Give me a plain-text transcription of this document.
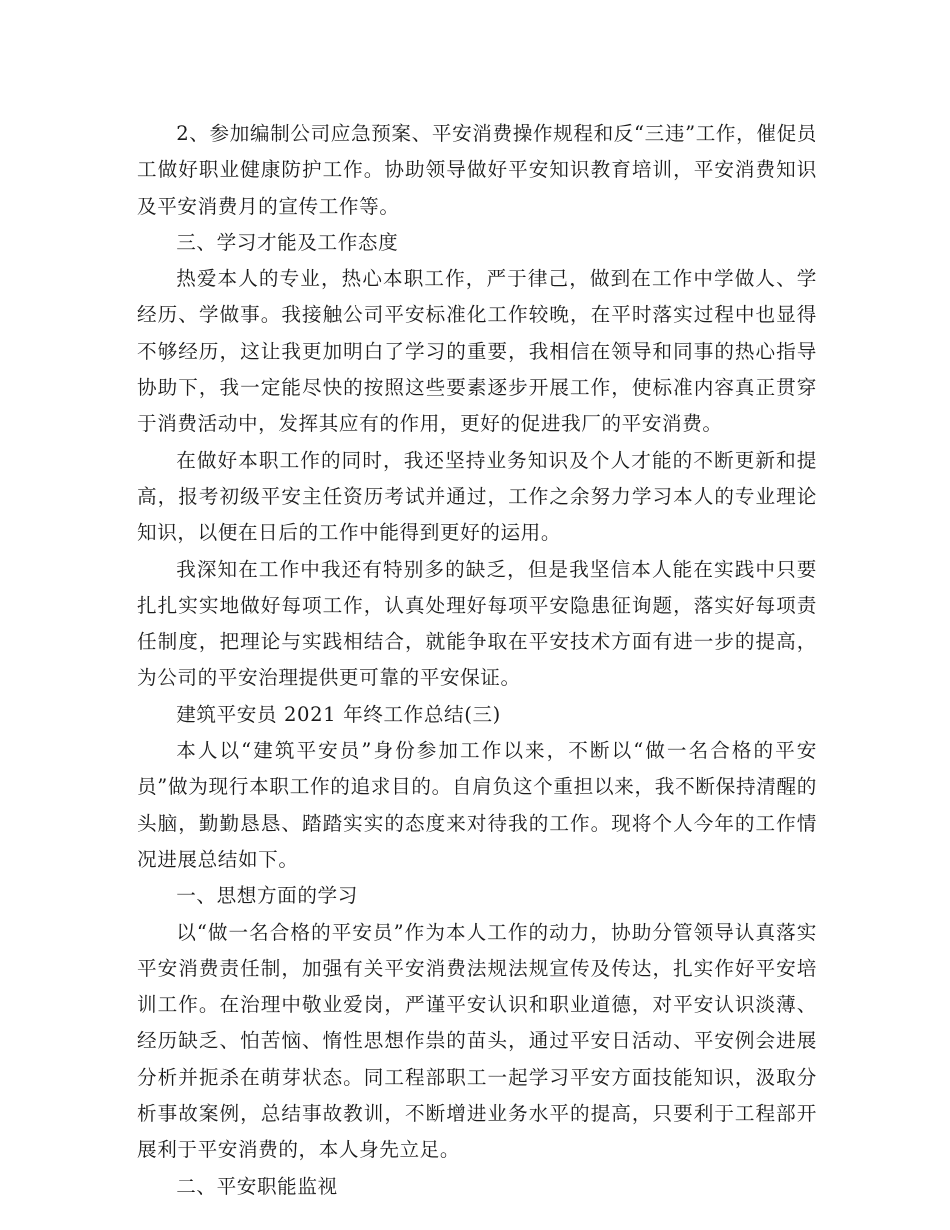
2、参加编制公司应急预案、平安消费操作规程和反“三违”工作，催促员工做好职业健康防护工作。协助领导做好平安知识教育培训，平安消费知识及平安消费月的宣传工作等。

三、学习才能及工作态度

热爱本人的专业，热心本职工作，严于律己，做到在工作中学做人、学经历、学做事。我接触公司平安标准化工作较晚，在平时落实过程中也显得不够经历，这让我更加明白了学习的重要，我相信在领导和同事的热心指导协助下，我一定能尽快的按照这些要素逐步开展工作，使标准内容真正贯穿于消费活动中，发挥其应有的作用，更好的促进我厂的平安消费。

在做好本职工作的同时，我还坚持业务知识及个人才能的不断更新和提高，报考初级平安主任资历考试并通过，工作之余努力学习本人的专业理论知识，以便在日后的工作中能得到更好的运用。

我深知在工作中我还有特别多的缺乏，但是我坚信本人能在实践中只要扎扎实实地做好每项工作，认真处理好每项平安隐患征询题，落实好每项责任制度，把理论与实践相结合，就能争取在平安技术方面有进一步的提高，为公司的平安治理提供更可靠的平安保证。

建筑平安员 2021 年终工作总结(三)

本人以“建筑平安员”身份参加工作以来，不断以“做一名合格的平安员”做为现行本职工作的追求目的。自肩负这个重担以来，我不断保持清醒的头脑，勤勤恳恳、踏踏实实的态度来对待我的工作。现将个人今年的工作情况进展总结如下。

一、思想方面的学习

以“做一名合格的平安员”作为本人工作的动力，协助分管领导认真落实平安消费责任制，加强有关平安消费法规法规宣传及传达，扎实作好平安培训工作。在治理中敬业爱岗，严谨平安认识和职业道德，对平安认识淡薄、经历缺乏、怕苦恼、惰性思想作祟的苗头，通过平安日活动、平安例会进展分析并扼杀在萌芽状态。同工程部职工一起学习平安方面技能知识，汲取分析事故案例，总结事故教训，不断增进业务水平的提高，只要利于工程部开展利于平安消费的，本人身先立足。

二、平安职能监视
